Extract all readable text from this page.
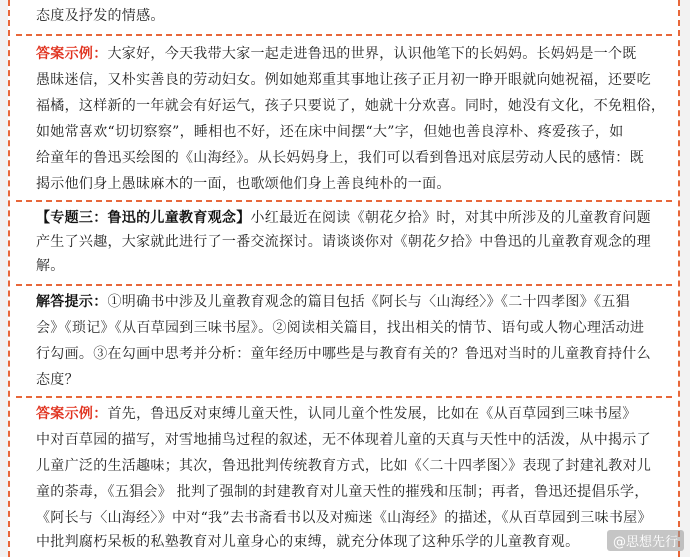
态度及抒发的情感。
答案示例：大家好，今天我带大家一起走进鲁迅的世界，认识他笔下的长妈妈。长妈妈是一个既
愚昧迷信，又朴实善良的劳动妇女。例如她郑重其事地让孩子正月初一睁开眼就向她祝福，还要吃
福橘，这样新的一年就会有好运气，孩子只要说了，她就十分欢喜。同时，她没有文化，不免粗俗，
如她常喜欢“切切察察”，睡相也不好，还在床中间摆“大”字，但她也善良淳朴、疼爱孩子，如
给童年的鲁迅买绘图的《山海经》。从长妈妈身上，我们可以看到鲁迅对底层劳动人民的感情：既
揭示他们身上愚昧麻木的一面，也歌颂他们身上善良纯朴的一面。
【专题三：鲁迅的儿童教育观念】小红最近在阅读《朝花夕拾》时，对其中所涉及的儿童教育问题
产生了兴趣，大家就此进行了一番交流探讨。请谈谈你对《朝花夕拾》中鲁迅的儿童教育观念的理
解。
解答提示：①明确书中涉及儿童教育观念的篇目包括《阿长与〈山海经〉》《二十四孝图》《五猖
会》《琐记》《从百草园到三味书屋》。②阅读相关篇目，找出相关的情节、语句或人物心理活动进
行勾画。③在勾画中思考并分析：童年经历中哪些是与教育有关的？鲁迅对当时的儿童教育持什么
态度？
答案示例：首先，鲁迅反对束缚儿童天性，认同儿童个性发展，比如在《从百草园到三味书屋》
中对百草园的描写，对雪地捕鸟过程的叙述，无不体现着儿童的天真与天性中的活泼，从中揭示了
儿童广泛的生活趣味；其次，鲁迅批判传统教育方式，比如《〈二十四孝图〉》表现了封建礼教对儿
童的荼毒，《五猖会》 批判了强制的封建教育对儿童天性的摧残和压制；再者，鲁迅还提倡乐学，
《阿长与〈山海经〉》中对“我”去书斋看书以及对痴迷《山海经》的描述，《从百草园到三味书屋》
中批判腐朽呆板的私塾教育对儿童身心的束缚，就充分体现了这种乐学的儿童教育观。	@思想先行
